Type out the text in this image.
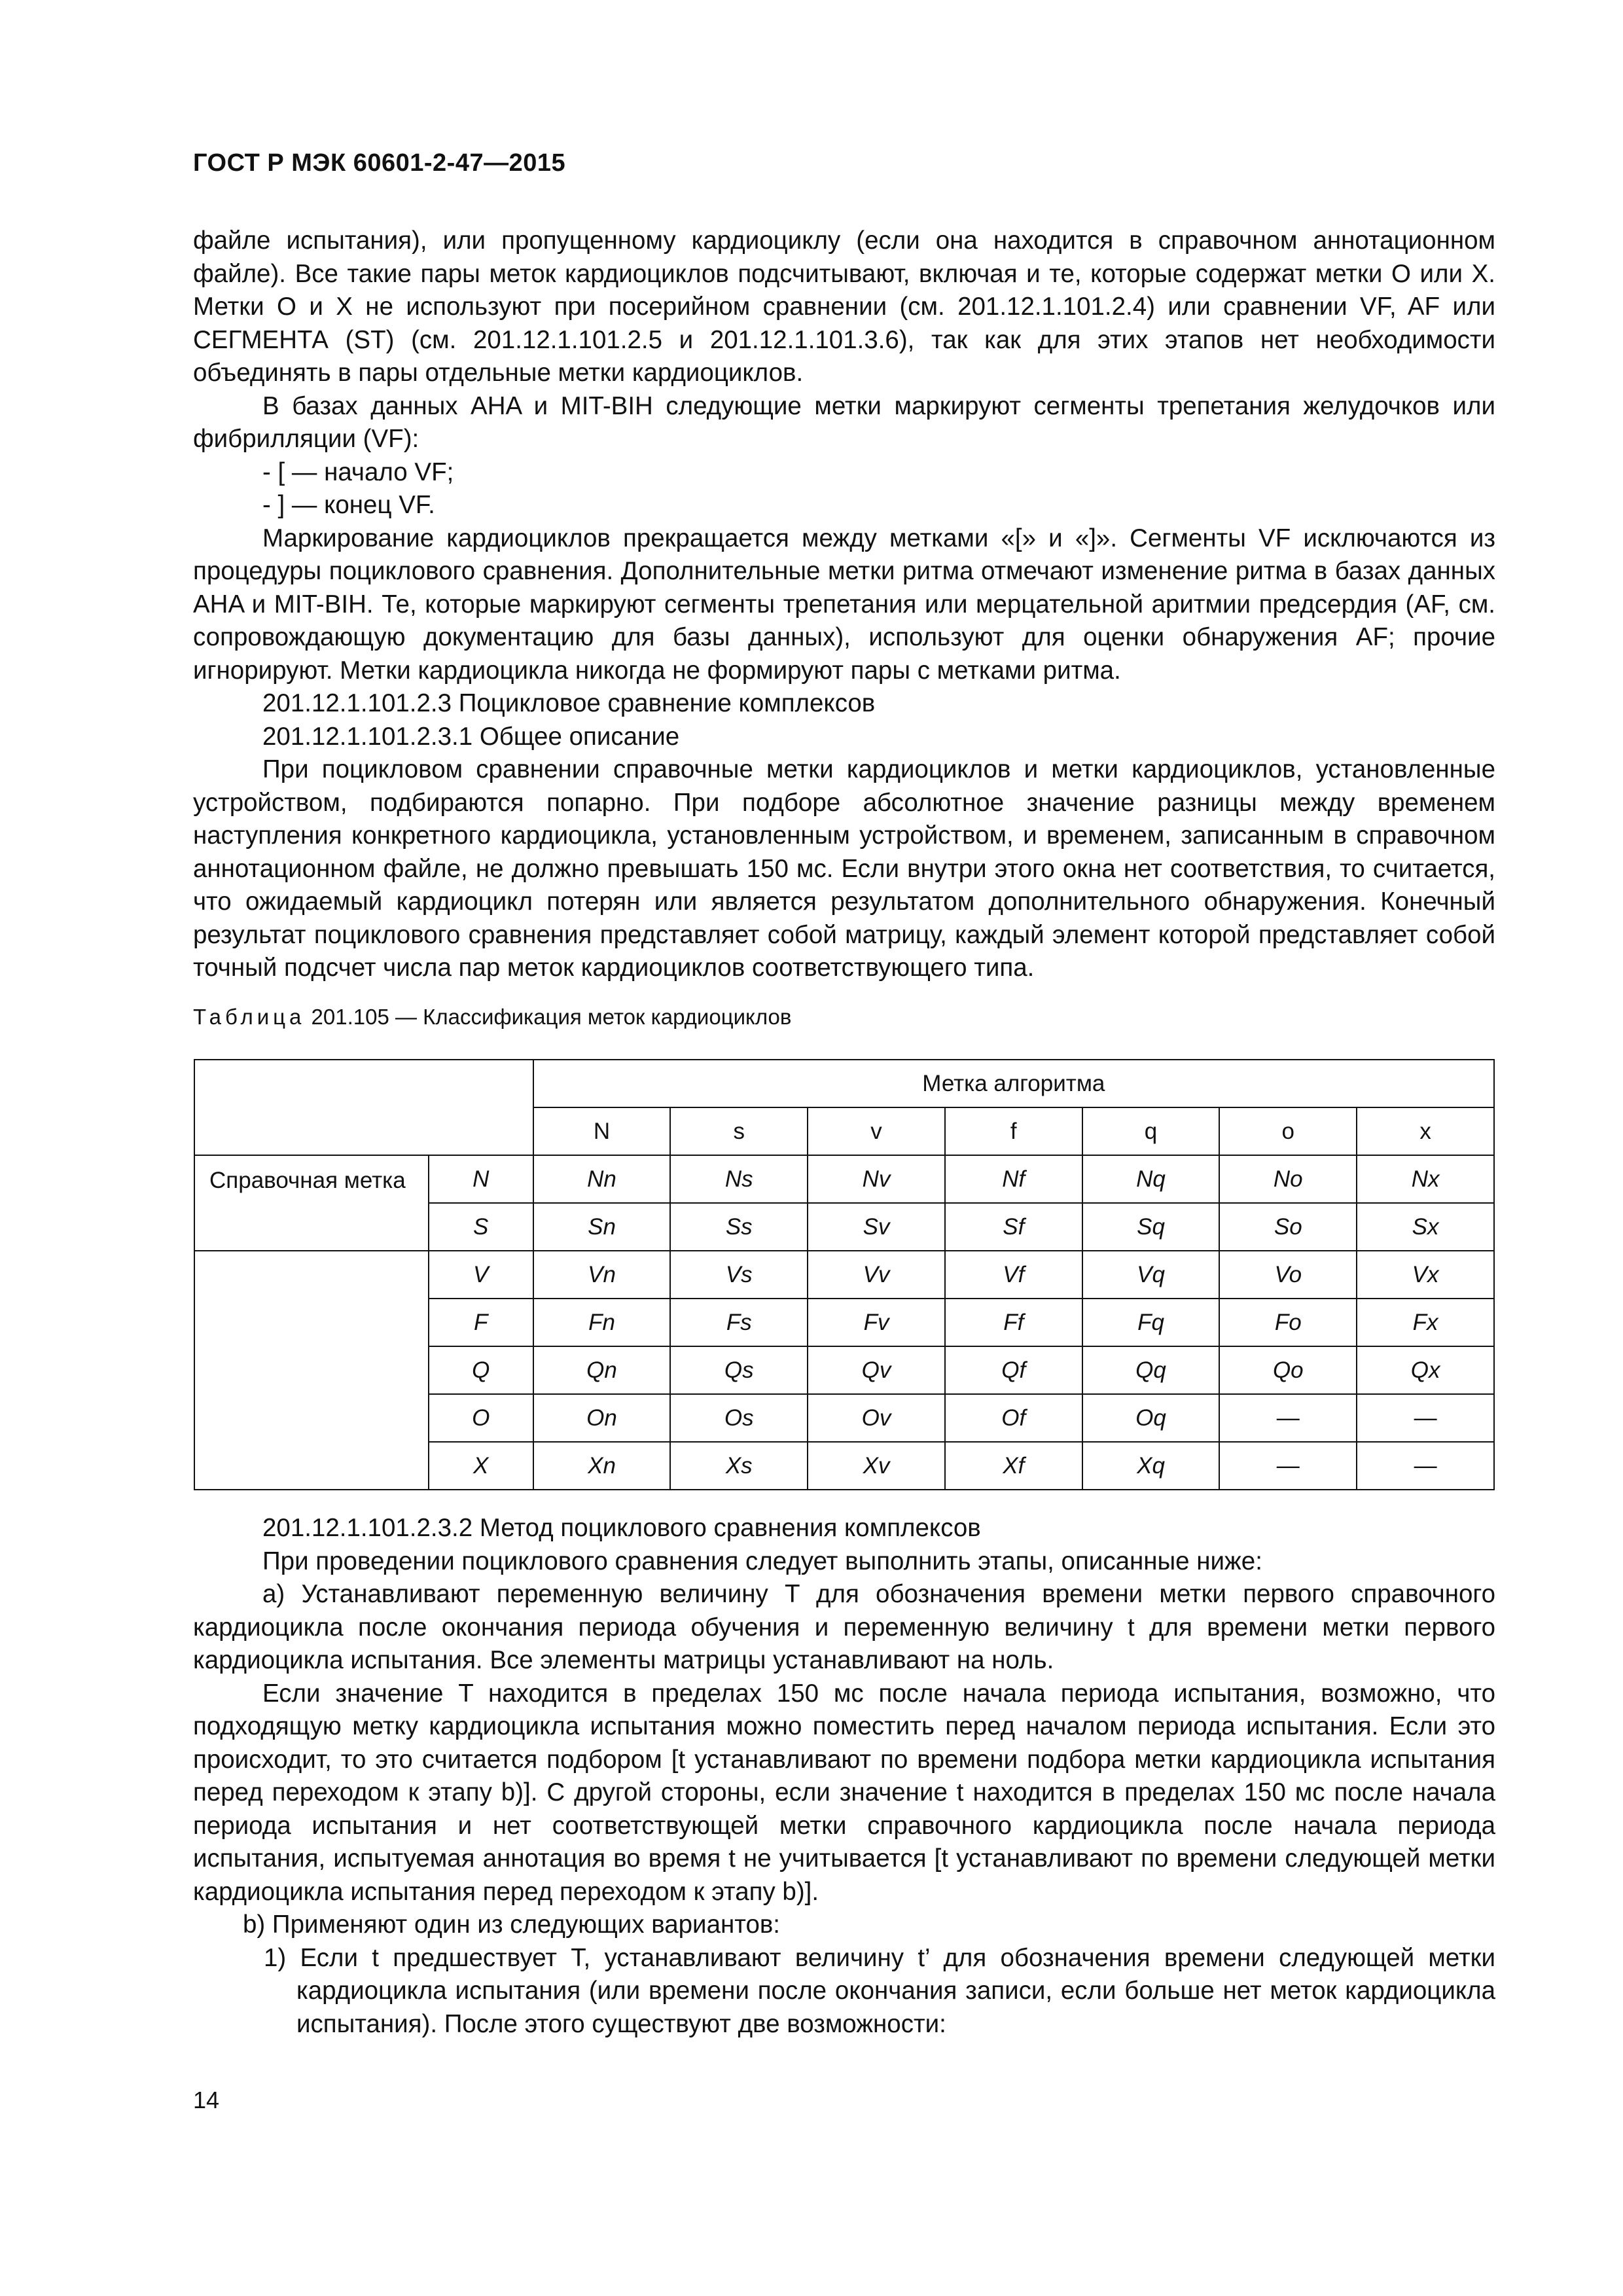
ГОСТ Р МЭК 60601-2-47—2015

файле испытания), или пропущенному кардиоциклу (если она находится в справочном аннотационном файле). Все такие пары меток кардиоциклов подсчитывают, включая и те, которые содержат метки O или X. Метки O и X не используют при посерийном сравнении (см. 201.12.1.101.2.4) или сравнении VF, AF или СЕГМЕНТА (ST) (см. 201.12.1.101.2.5 и 201.12.1.101.3.6), так как для этих этапов нет необходимости объединять в пары отдельные метки кардиоциклов.

В базах данных AHA и MIT-BIH следующие метки маркируют сегменты трепетания желудочков или фибрилляции (VF):

- [ — начало VF;

- ] — конец VF.

Маркирование кардиоциклов прекращается между метками «[» и «]». Сегменты VF исключаются из процедуры поциклового сравнения. Дополнительные метки ритма отмечают изменение ритма в базах данных AHA и MIT-BIH. Те, которые маркируют сегменты трепетания или мерцательной аритмии предсердия (AF, см. сопровождающую документацию для базы данных), используют для оценки обнаружения AF; прочие игнорируют. Метки кардиоцикла никогда не формируют пары с метками ритма.

201.12.1.101.2.3 Поцикловое сравнение комплексов

201.12.1.101.2.3.1 Общее описание

При поцикловом сравнении справочные метки кардиоциклов и метки кардиоциклов, установленные устройством, подбираются попарно. При подборе абсолютное значение разницы между временем наступления конкретного кардиоцикла, установленным устройством, и временем, записанным в справочном аннотационном файле, не должно превышать 150 мс. Если внутри этого окна нет соответствия, то считается, что ожидаемый кардиоцикл потерян или является результатом дополнительного обнаружения. Конечный результат поциклового сравнения представляет собой матрицу, каждый элемент которой представляет собой точный подсчет числа пар меток кардиоциклов соответствующего типа.

Таблица 201.105 — Классификация меток кардиоциклов
		Метка алгоритма						
		N	s	v	f	q	o	x
Справочная метка	N	Nn	Ns	Nv	Nf	Nq	No	Nx
	S	Sn	Ss	Sv	Sf	Sq	So	Sx
	V	Vn	Vs	Vv	Vf	Vq	Vo	Vx
	F	Fn	Fs	Fv	Ff	Fq	Fo	Fx
	Q	Qn	Qs	Qv	Qf	Qq	Qo	Qx
	O	On	Os	Ov	Of	Oq	—	—
	X	Xn	Xs	Xv	Xf	Xq	—	—

201.12.1.101.2.3.2 Метод поциклового сравнения комплексов

При проведении поциклового сравнения следует выполнить этапы, описанные ниже:

a) Устанавливают переменную величину T для обозначения времени метки первого справочного кардиоцикла после окончания периода обучения и переменную величину t для времени метки первого кардиоцикла испытания. Все элементы матрицы устанавливают на ноль.

Если значение T находится в пределах 150 мс после начала периода испытания, возможно, что подходящую метку кардиоцикла испытания можно поместить перед началом периода испытания. Если это происходит, то это считается подбором [t устанавливают по времени подбора метки кардиоцикла испытания перед переходом к этапу b)]. С другой стороны, если значение t находится в пределах 150 мс после начала периода испытания и нет соответствующей метки справочного кардиоцикла после начала периода испытания, испытуемая аннотация во время t не учитывается [t устанавливают по времени следующей метки кардиоцикла испытания перед переходом к этапу b)].

b) Применяют один из следующих вариантов:

1) Если t предшествует T, устанавливают величину t’ для обозначения времени следующей метки кардиоцикла испытания (или времени после окончания записи, если больше нет меток кардиоцикла испытания). После этого существуют две возможности:

14
